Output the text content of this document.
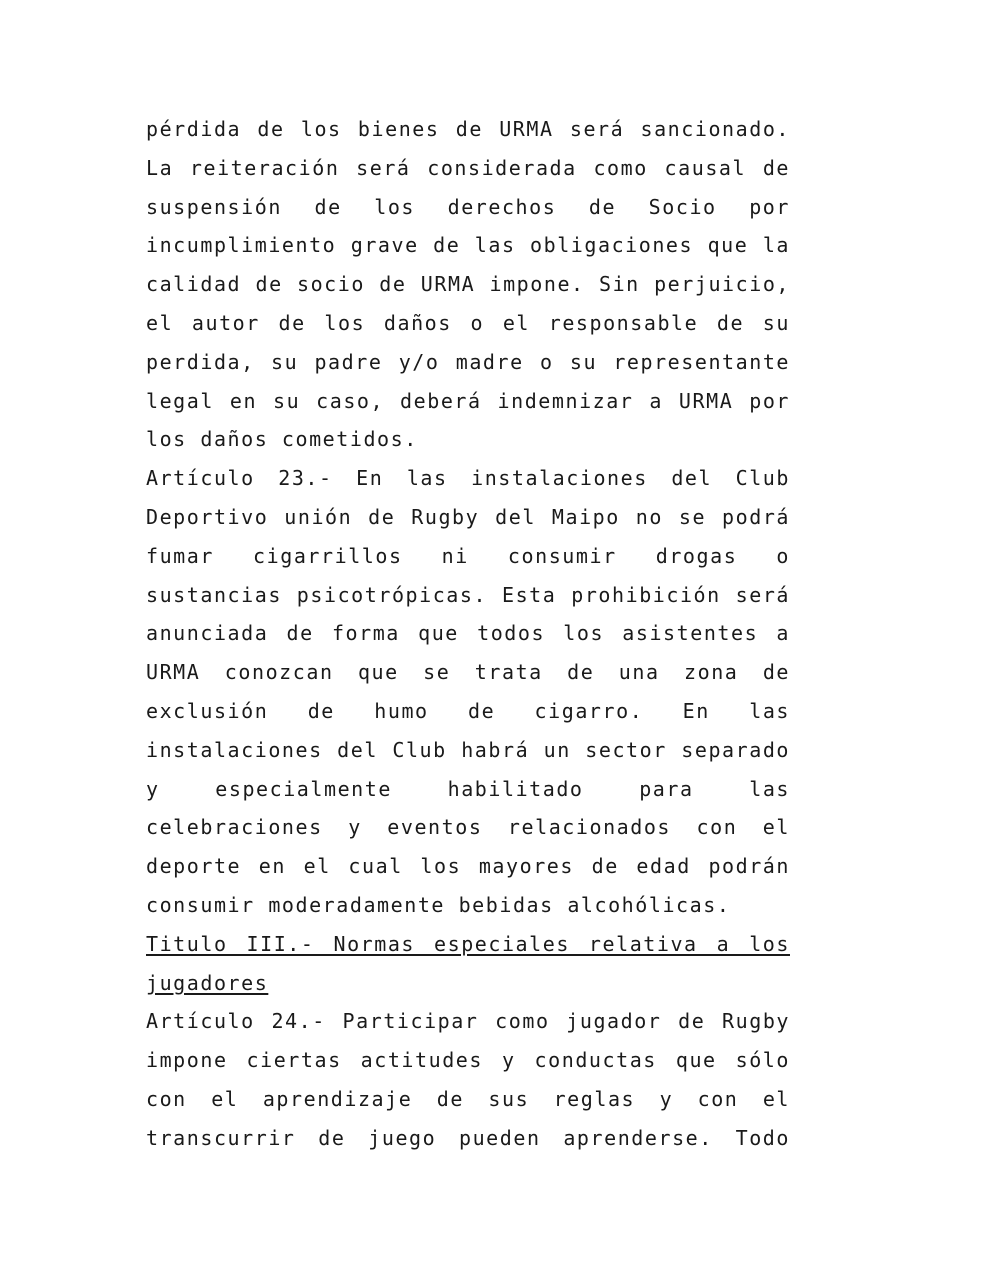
pérdida de los bienes de URMA será sancionado.
La reiteración será considerada como causal de
suspensión de los derechos de Socio por
incumplimiento grave de las obligaciones que la
calidad de socio de URMA impone. Sin perjuicio,
el autor de los daños o el responsable de su
perdida, su padre y/o madre o su representante
legal en su caso, deberá indemnizar a URMA por
los daños cometidos.
Artículo 23.- En las instalaciones del Club
Deportivo unión de Rugby del Maipo no se podrá
fumar cigarrillos ni consumir drogas o
sustancias psicotrópicas. Esta prohibición será
anunciada de forma que todos los asistentes a
URMA conozcan que se trata de una zona de
exclusión de humo de cigarro. En las
instalaciones del Club habrá un sector separado
y especialmente habilitado para las
celebraciones y eventos relacionados con el
deporte en el cual los mayores de edad podrán
consumir moderadamente bebidas alcohólicas.
Titulo III.- Normas especiales relativa a los
jugadores
Artículo 24.- Participar como jugador de Rugby
impone ciertas actitudes y conductas que sólo
con el aprendizaje de sus reglas y con el
transcurrir de juego pueden aprenderse. Todo
